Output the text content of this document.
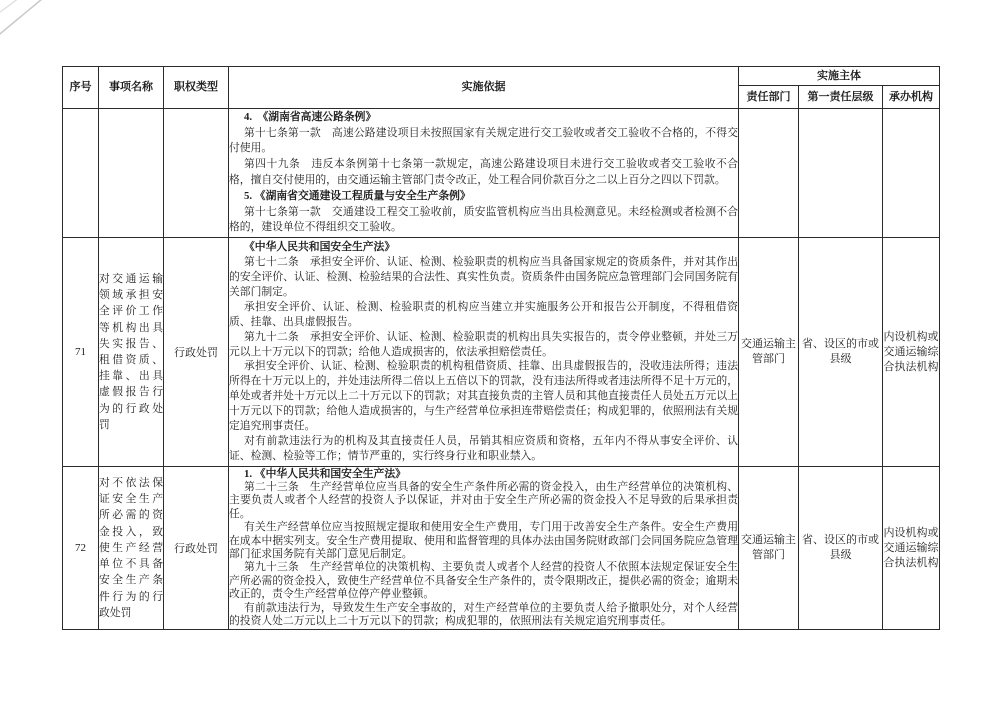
序号	事项名称	职权类型	实施依据	实施主体		
				责任部门	第一责任层级	承办机构

			4.　《湖南省高速公路条例》
第十七条第一款　高速公路建设项目未按照国家有关规定进行交工验收或者交工验收不合格的，不得交付使用。
第四十九条　违反本条例第十七条第一款规定，高速公路建设项目未进行交工验收或者交工验收不合格，擅自交付使用的，由交通运输主管部门责令改正，处工程合同价款百分之二以上百分之四以下罚款。
5. 《湖南省交通建设工程质量与安全生产条例》
第十七条第一款　交通建设工程交工验收前，质安监管机构应当出具检测意见。未经检测或者检测不合格的，建设单位不得组织交工验收。			

71	对交通运输领域承担安全评价工作等机构出具失实报告、租借资质、挂靠、出具虚假报告行为的行政处罚	行政处罚	
《中华人民共和国安全生产法》
第七十二条　承担安全评价、认证、检测、检验职责的机构应当具备国家规定的资质条件，并对其作出的安全评价、认证、检测、检验结果的合法性、真实性负责。资质条件由国务院应急管理部门会同国务院有关部门制定。
承担安全评价、认证、检测、检验职责的机构应当建立并实施服务公开和报告公开制度，不得租借资质、挂靠、出具虚假报告。
第九十二条　承担安全评价、认证、检测、检验职责的机构出具失实报告的，责令停业整顿，并处三万元以上十万元以下的罚款；给他人造成损害的，依法承担赔偿责任。
承担安全评价、认证、检测、检验职责的机构租借资质、挂靠、出具虚假报告的，没收违法所得；违法所得在十万元以上的，并处违法所得二倍以上五倍以下的罚款，没有违法所得或者违法所得不足十万元的，单处或者并处十万元以上二十万元以下的罚款；对其直接负责的主管人员和其他直接责任人员处五万元以上十万元以下的罚款；给他人造成损害的，与生产经营单位承担连带赔偿责任；构成犯罪的，依照刑法有关规定追究刑事责任。
对有前款违法行为的机构及其直接责任人员，吊销其相应资质和资格，五年内不得从事安全评价、认证、检测、检验等工作；情节严重的，实行终身行业和职业禁入。
	交通运输主管部门	省、设区的市或县级	内设机构或交通运输综合执法机构
72	对不依法保证安全生产所必需的资金投入，致使生产经营单位不具备安全生产条件行为的行政处罚	行政处罚	1. 《中华人民共和国安全生产法》
第二十三条　生产经营单位应当具备的安全生产条件所必需的资金投入，由生产经营单位的决策机构、主要负责人或者个人经营的投资人予以保证，并对由于安全生产所必需的资金投入不足导致的后果承担责任。
有关生产经营单位应当按照规定提取和使用安全生产费用，专门用于改善安全生产条件。安全生产费用在成本中据实列支。安全生产费用提取、使用和监督管理的具体办法由国务院财政部门会同国务院应急管理部门征求国务院有关部门意见后制定。
第九十三条　生产经营单位的决策机构、主要负责人或者个人经营的投资人不依照本法规定保证安全生产所必需的资金投入，致使生产经营单位不具备安全生产条件的，责令限期改正，提供必需的资金；逾期未改正的，责令生产经营单位停产停业整顿。
有前款违法行为，导致发生生产安全事故的，对生产经营单位的主要负责人给予撤职处分，对个人经营的投资人处二万元以上二十万元以下的罚款；构成犯罪的，依照刑法有关规定追究刑事责任。	交通运输主管部门	省、设区的市或县级	内设机构或交通运输综合执法机构
